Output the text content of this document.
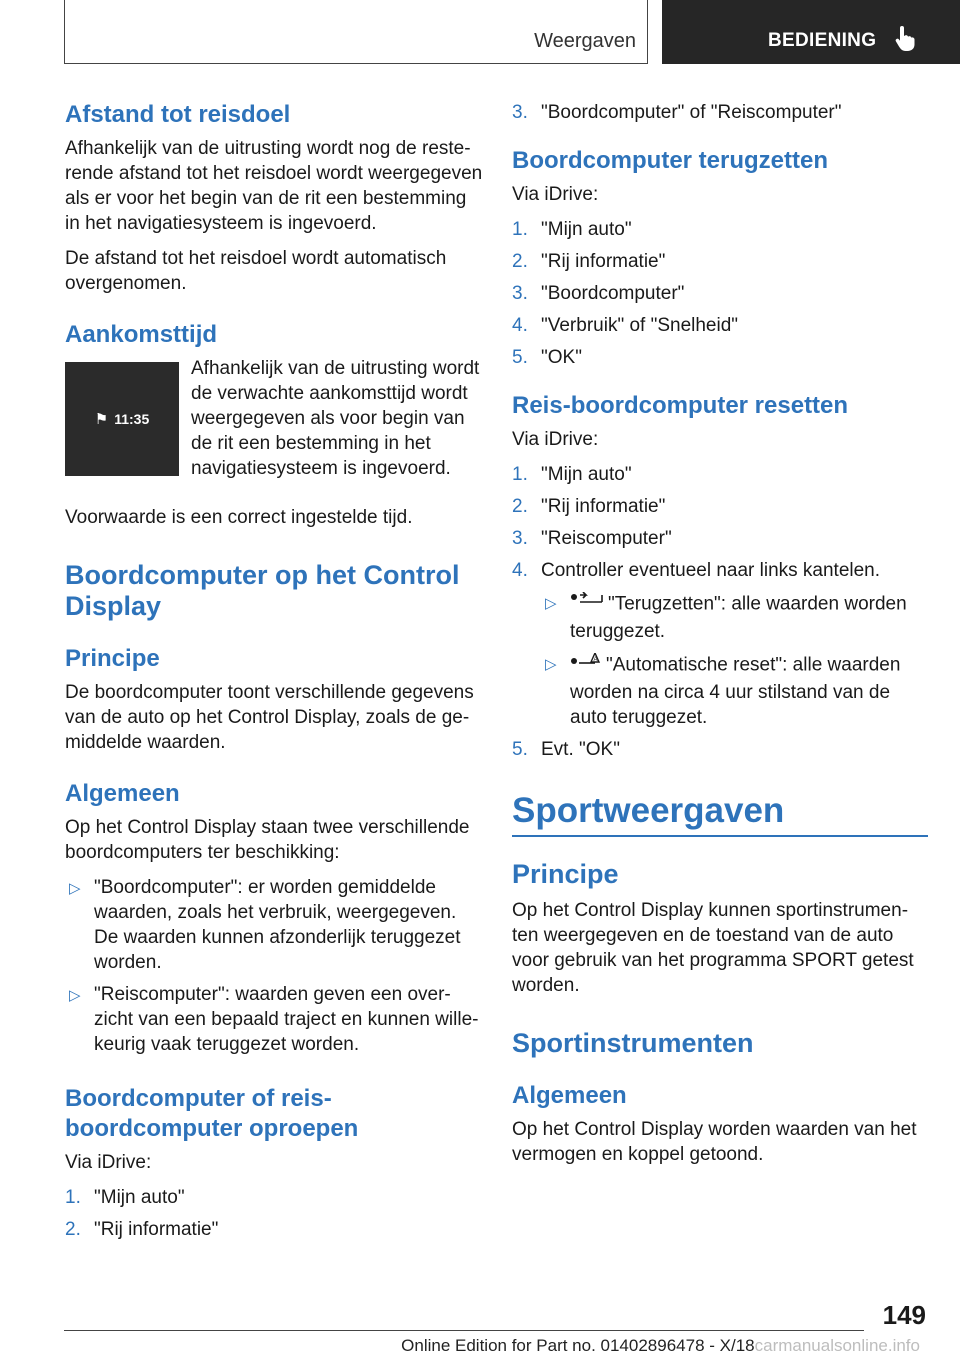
Weergaven	BEDIENING
Afstand tot reisdoel

Afhankelijk van de uitrusting wordt nog de resterende afstand tot het reisdoel wordt weergegeven als er voor het begin van de rit een bestemming in het navigatiesysteem is ingevoerd.

De afstand tot het reisdoel wordt automatisch overgenomen.

Aankomsttijd
⚑ 11:35

Afhankelijk van de uitrusting wordt de verwachte aankomsttijd wordt weergegeven als voor begin van de rit een bestemming in het navigatiesysteem is ingevoerd.

Voorwaarde is een correct ingestelde tijd.

Boordcomputer op het Control Display
Principe

De boordcomputer toont verschillende gegevens van de auto op het Control Display, zoals de gemiddelde waarden.

Algemeen

Op het Control Display staan twee verschillende boordcomputers ter beschikking:

▷ "Boordcomputer": er worden gemiddelde waarden, zoals het verbruik, weergegeven. De waarden kunnen afzonderlijk teruggezet worden.
▷ "Reiscomputer": waarden geven een overzicht van een bepaald traject en kunnen willekeurig vaak teruggezet worden.
Boordcomputer of reisboordcomputer oproepen

Via iDrive:

1. "Mijn auto"
2. "Rij informatie"
3. "Boordcomputer" of "Reiscomputer"
Boordcomputer terugzetten

Via iDrive:

1. "Mijn auto"
2. "Rij informatie"
3. "Boordcomputer"
4. "Verbruik" of "Snelheid"
5. "OK"
Reis-boordcomputer resetten

Via iDrive:

1. "Mijn auto"
2. "Rij informatie"
3. "Reiscomputer"
4. Controller eventueel naar links kantelen.
▷	"Terugzetten": alle waarden worden teruggezet.
▷	A "Automatische reset": alle waarden worden na circa 4 uur stilstand van de auto teruggezet.
5. Evt. "OK"
Sportweergaven
Principe

Op het Control Display kunnen sportinstrumenten weergegeven en de toestand van de auto voor gebruik van het programma SPORT getest worden.

Sportinstrumenten
Algemeen

Op het Control Display worden waarden van het vermogen en koppel getoond.

149
Online Edition for Part no. 01402896478 - X/18carmanualsonline.info
